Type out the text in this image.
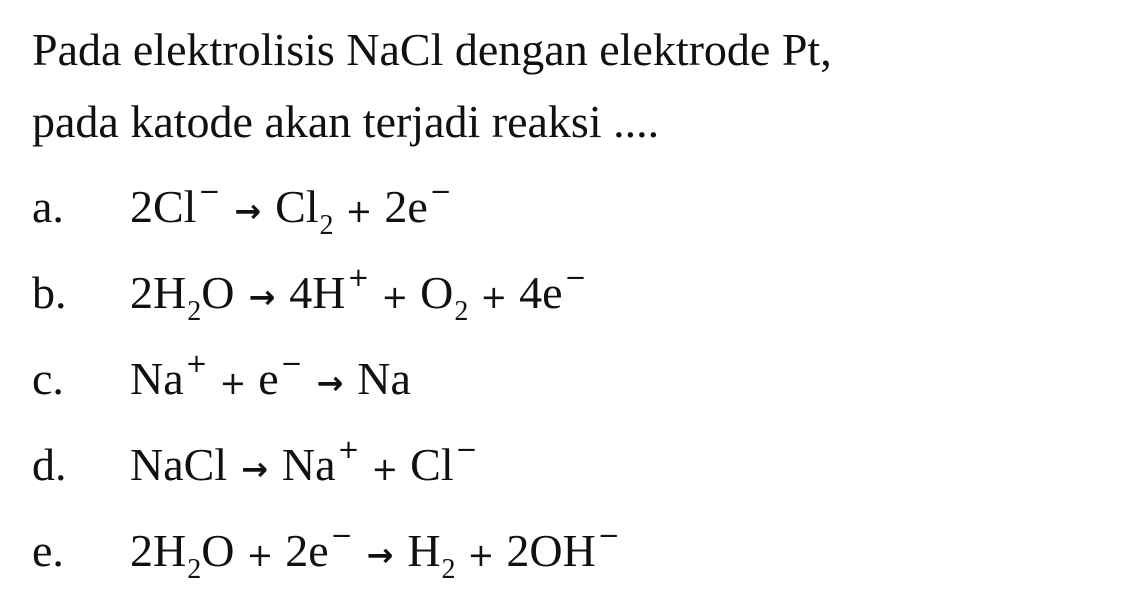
Pada elektrolisis NaCl dengan elektrode Pt,
pada katode akan terjadi reaksi ....
a. $2Cl^- \to Cl_2 + 2e^-$
b. $2H_2O \to 4H^+ + O_2 + 4e^-$
c. Na+ + e− → Na
d. NaCl → Na+ + Cl−
e. $2H_2O + 2e^- \to H_2 + 2OH^-$
